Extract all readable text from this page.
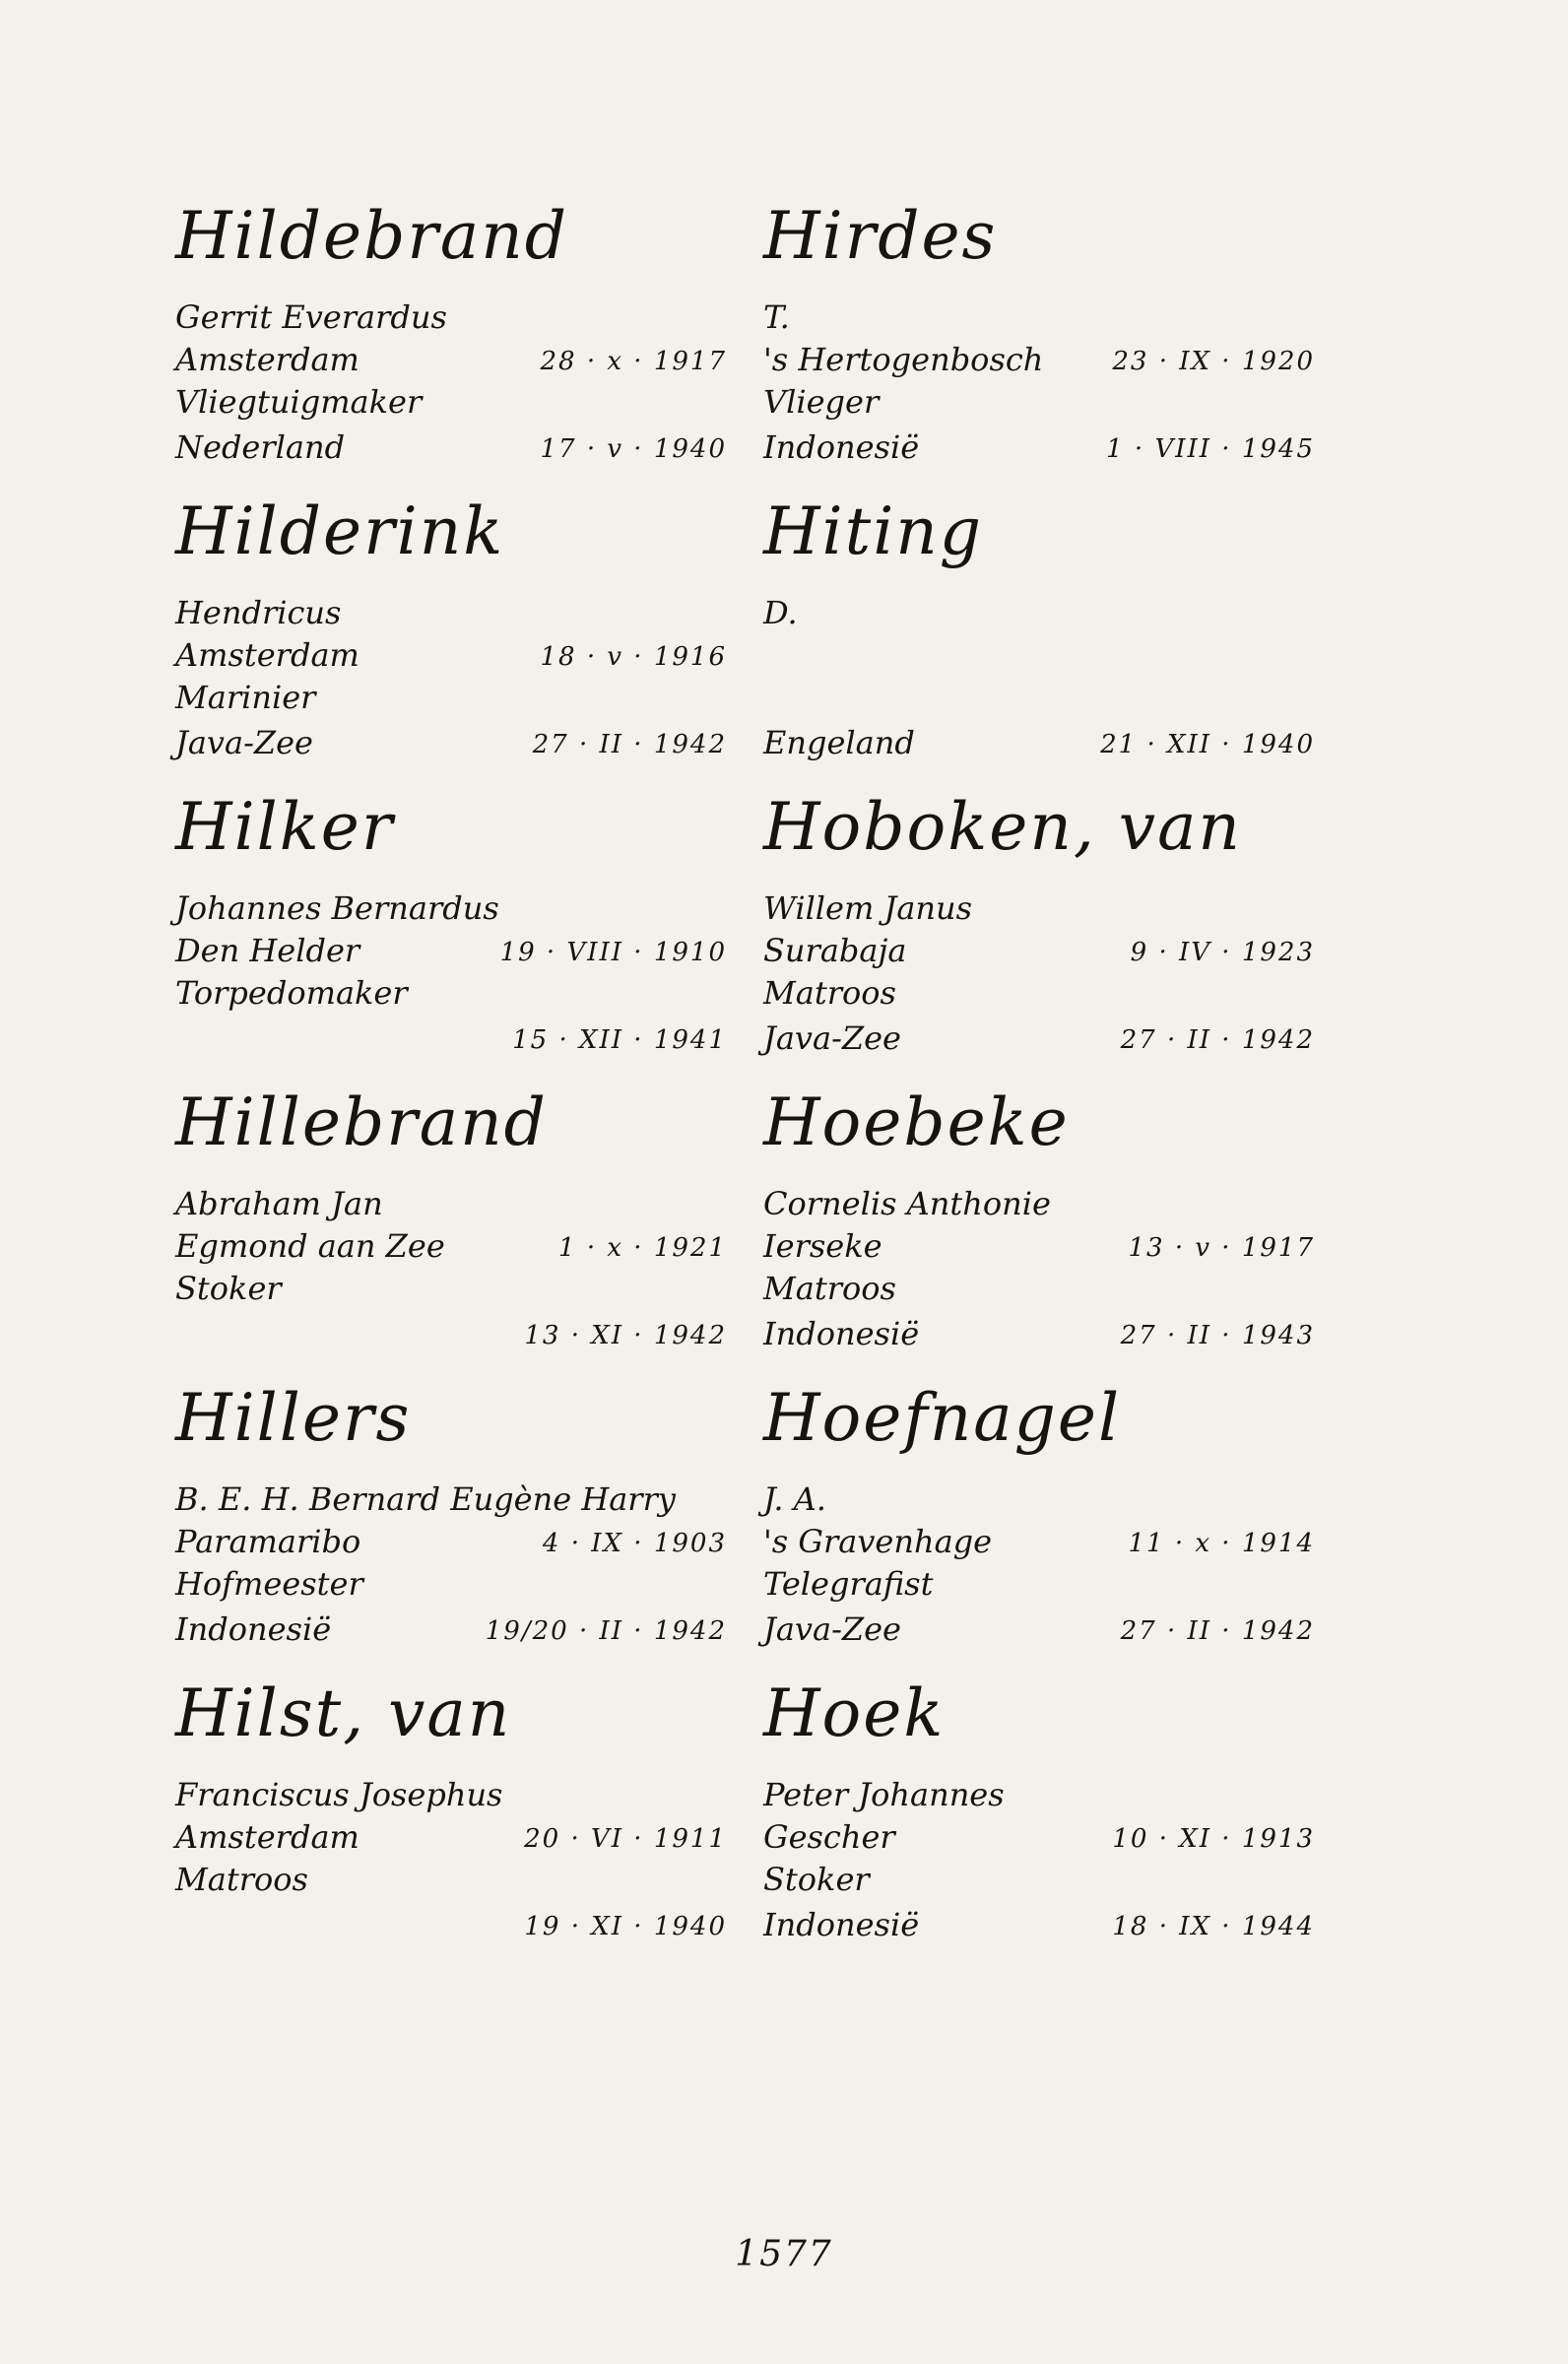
Hildebrand
Gerrit Everardus
Amsterdam	28 · x · 1917
Vliegtuigmaker
Nederland	17 · v · 1940
Hilderink
Hendricus
Amsterdam	18 · v · 1916
Marinier
Java-Zee	27 · II · 1942
Hilker
Johannes Bernardus
Den Helder	19 · VIII · 1910
Torpedomaker
15 · XII · 1941
Hillebrand
Abraham Jan
Egmond aan Zee	1 · x · 1921
Stoker
13 · XI · 1942
Hillers
B. E. H. Bernard Eugène Harry
Paramaribo	4 · IX · 1903
Hofmeester
Indonesië	19/20 · II · 1942
Hilst, van
Franciscus Josephus
Amsterdam	20 · VI · 1911
Matroos
19 · XI · 1940
Hirdes
T.
's Hertogenbosch	23 · IX · 1920
Vlieger
Indonesië	1 · VIII · 1945
Hiting
D.
Engeland	21 · XII · 1940
Hoboken, van
Willem Janus
Surabaja	9 · IV · 1923
Matroos
Java-Zee	27 · II · 1942
Hoebeke
Cornelis Anthonie
Ierseke	13 · v · 1917
Matroos
Indonesië	27 · II · 1943
Hoefnagel
J. A.
's Gravenhage	11 · x · 1914
Telegrafist
Java-Zee	27 · II · 1942
Hoek
Peter Johannes
Gescher	10 · XI · 1913
Stoker
Indonesië	18 · IX · 1944
1577
